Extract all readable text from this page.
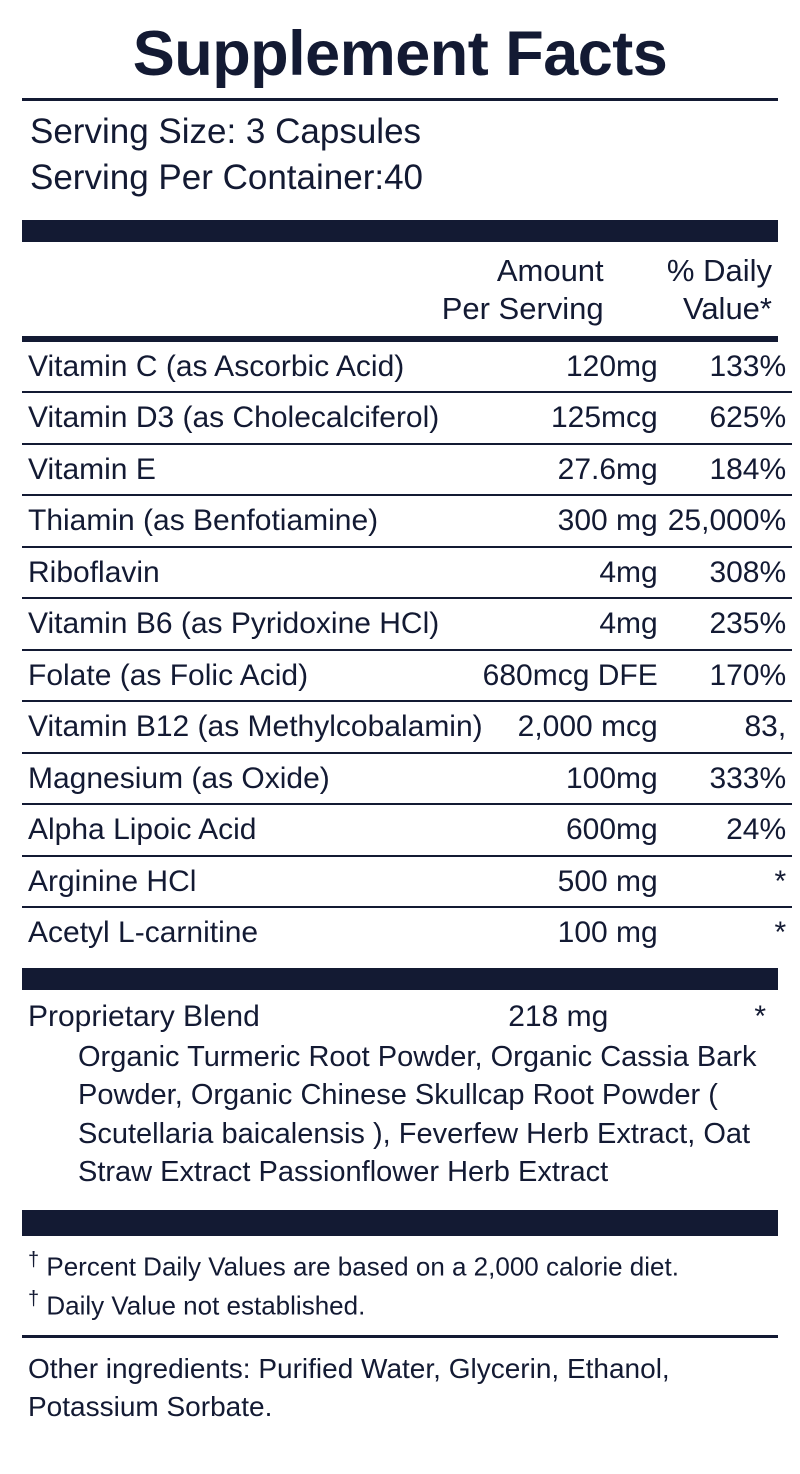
Supplement Facts
Serving Size: 3 Capsules
Serving Per Container:40

Amount
Per Serving

% Daily
Value*
Vitamin C (as Ascorbic Acid)	120mg	133%
Vitamin D3 (as Cholecalciferol)	125mcg	625%
Vitamin E	27.6mg	184%
Thiamin (as Benfotiamine)	300 mg	25,000%
Riboflavin	4mg	308%
Vitamin B6 (as Pyridoxine HCl)	4mg	235%
Folate (as Folic Acid)	680mcg DFE	170%
Vitamin B12 (as Methylcobalamin)	2,000 mcg	83,
Magnesium (as Oxide)	100mg	333%
Alpha Lipoic Acid	600mg	24%
Arginine HCl	500 mg	*
Acetyl L-carnitine	100 mg	*
Proprietary Blend	218 mg	*
Organic Turmeric Root Powder, Organic Cassia Bark Powder, Organic Chinese Skullcap Root Powder ( Scutellaria baicalensis ), Feverfew Herb Extract, Oat Straw Extract Passionflower Herb Extract
† Percent Daily Values are based on a 2,000 calorie diet.
† Daily Value not established.
Other ingredients: Purified Water, Glycerin, Ethanol, Potassium Sorbate.
